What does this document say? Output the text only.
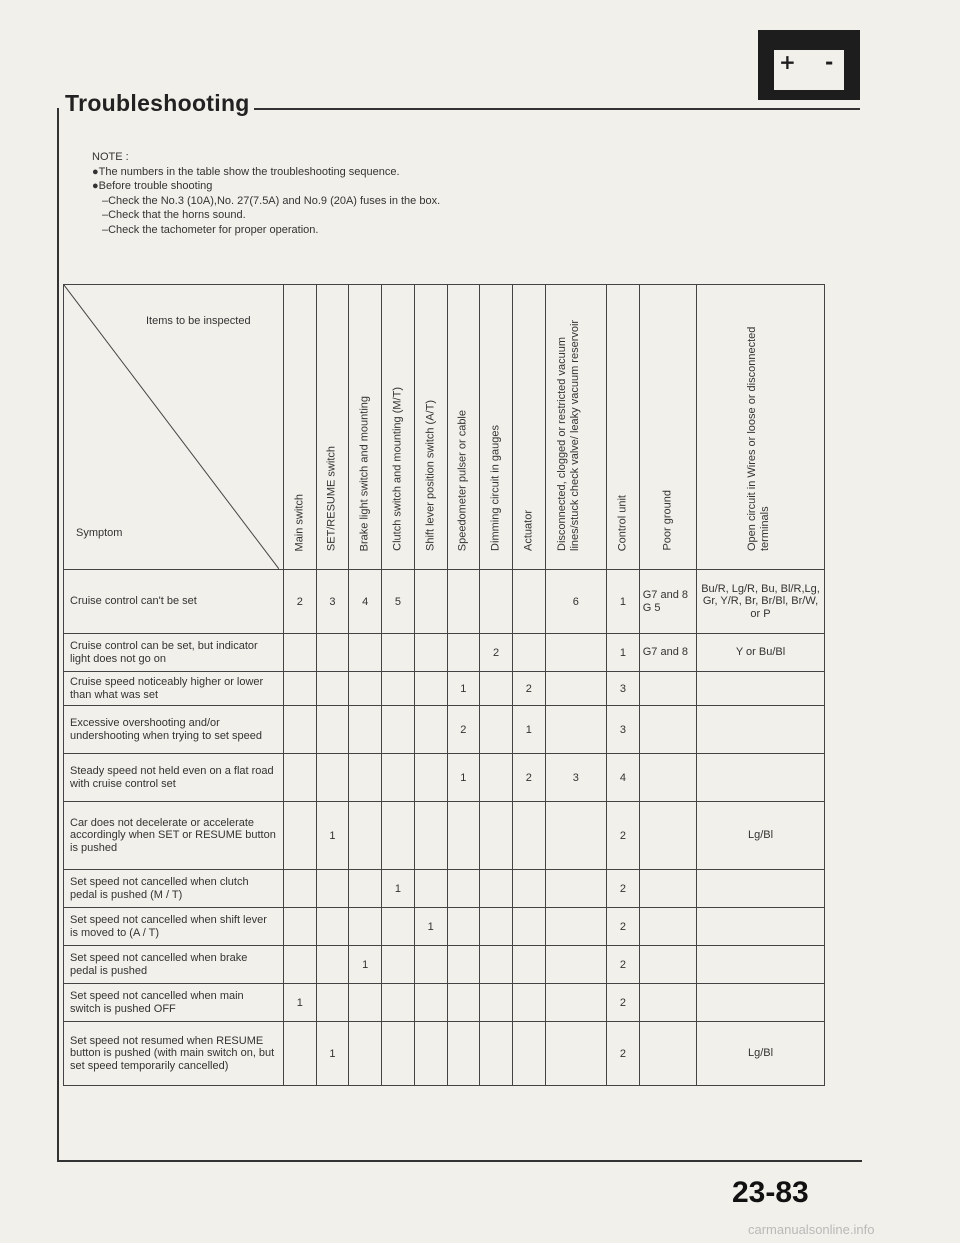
+ -
Troubleshooting
NOTE :
●The numbers in the table show the troubleshooting sequence.
●Before trouble shooting
–Check the No.3 (10A),No. 27(7.5A) and No.9 (20A) fuses in the box.
–Check that the horns sound.
–Check the tachometer for proper operation.
Items to be inspected
Symptom	Main switch	SET/RESUME switch	Brake light switch and mounting	Clutch switch and mounting (M/T)	Shift lever position switch (A/T)	Speedometer pulser or cable	Dimming circuit in gauges	Actuator	Disconnected, clogged or restricted vacuum lines/stuck check valve/ leaky vacuum reservoir	Control unit	Poor ground	Open circuit in Wires or loose or disconnected terminals

Cruise control can't be set	2	3	4	5					6	1	G7 and 8 G 5	Bu/R, Lg/R, Bu, Bl/R,Lg, Gr, Y/R, Br, Br/Bl, Br/W, or P
Cruise control can be set, but indicator light does not go on							2			1	G7 and 8	Y or Bu/Bl
Cruise speed noticeably higher or lower than what was set						1		2		3		
Excessive overshooting and/or undershooting when trying to set speed						2		1		3		
Steady speed not held even on a flat road with cruise control set						1		2	3	4		
Car does not decelerate or accelerate accordingly when SET or RESUME button is pushed		1								2		Lg/Bl
Set speed not cancelled when clutch pedal is pushed (M / T)				1						2		
Set speed not cancelled when shift lever is moved to (A / T)					1					2		
Set speed not cancelled when brake pedal is pushed			1							2		
Set speed not cancelled when main switch is pushed OFF	1									2		
Set speed not resumed when RESUME button is pushed (with main switch on, but set speed temporarily cancelled)		1								2		Lg/Bl
23-83
carmanualsonline.info
